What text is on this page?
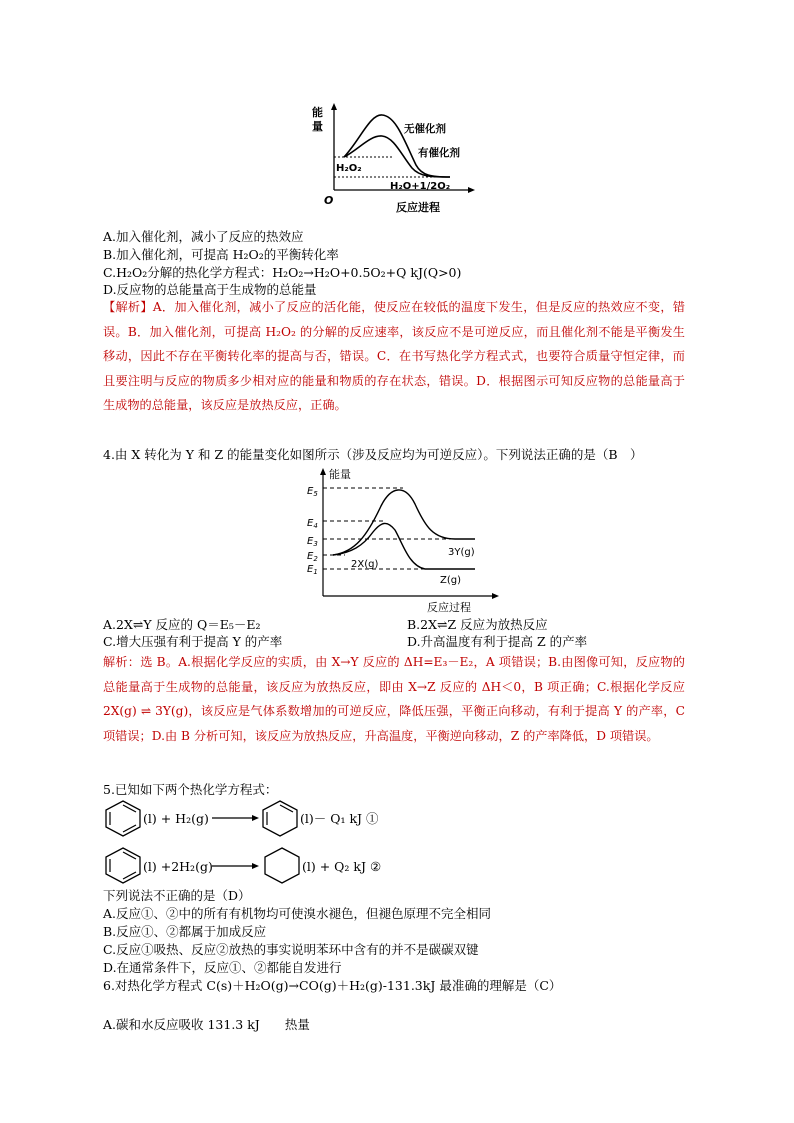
能
量
O
反应进程
无催化剂
有催化剂
H₂O₂
H₂O+1/2O₂
A.加入催化剂，减小了反应的热效应
B.加入催化剂，可提高 H₂O₂的平衡转化率
C.H₂O₂分解的热化学方程式：H₂O₂→H₂O+0.5O₂+Q kJ(Q>0)
D.反应物的总能量高于生成物的总能量
【解析】A．加入催化剂，减小了反应的活化能，使反应在较低的温度下发生，但是反应的热效应不变，错误。B．加入催化剂，可提高 H₂O₂ 的分解的反应速率，该反应不是可逆反应，而且催化剂不能是平衡发生移动，因此不存在平衡转化率的提高与否，错误。C．在书写热化学方程式式，也要符合质量守恒定律，而且要注明与反应的物质多少相对应的能量和物质的存在状态，错误。D．根据图示可知反应物的总能量高于生成物的总能量，该反应是放热反应，正确。
4.由 X 转化为 Y 和 Z 的能量变化如图所示（涉及反应均为可逆反应）。下列说法正确的是（B　）
能量
反应过程
$E_5$
$E_4$
$E_3$
$E_2$
$E_1$
3Y(g)
2X(g)
Z(g)
A.2X⇌Y 反应的 Q＝E₅－E₂	B.2X⇌Z 反应为放热反应
C.增大压强有利于提高 Y 的产率	D.升高温度有利于提高 Z 的产率
解析：选 B。A.根据化学反应的实质，由 X→Y 反应的 ΔH=E₃－E₂，A 项错误；B.由图像可知，反应物的总能量高于生成物的总能量，该反应为放热反应，即由 X→Z 反应的 ΔH＜0，B 项正确；C.根据化学反应 2X(g) ⇌ 3Y(g)，该反应是气体系数增加的可逆反应，降低压强，平衡正向移动，有利于提高 Y 的产率，C 项错误；D.由 B 分析可知，该反应为放热反应，升高温度，平衡逆向移动，Z 的产率降低，D 项错误。
5.已知如下两个热化学方程式：
(l) + H₂(g)	(l)－ Q₁ kJ ①
(l) +2H₂(g)	(l) + Q₂ kJ ②
下列说法不正确的是（D）
A.反应①、②中的所有有机物均可使溴水褪色，但褪色原理不完全相同
B.反应①、②都属于加成反应
C.反应①吸热、反应②放热的事实说明苯环中含有的并不是碳碳双键
D.在通常条件下，反应①、②都能自发进行
6.对热化学方程式 C(s)＋H₂O(g)→CO(g)＋H₂(g)-131.3kJ 最准确的理解是（C）
A.碳和水反应吸收 131.3 kJ　　热量
